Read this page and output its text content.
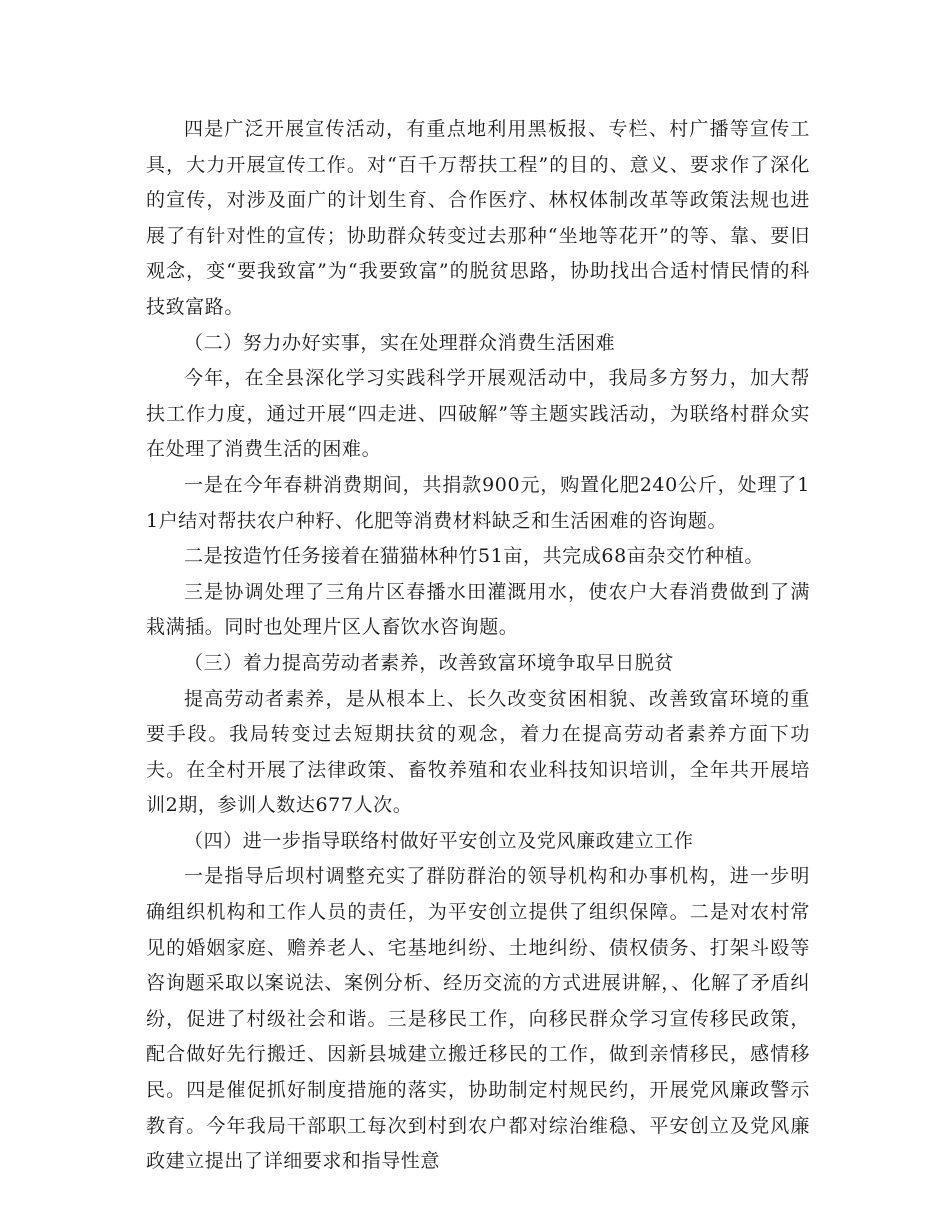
四是广泛开展宣传活动，有重点地利用黑板报、专栏、村广播等宣传工具，大力开展宣传工作。对“百千万帮扶工程”的目的、意义、要求作了深化的宣传，对涉及面广的计划生育、合作医疗、林权体制改革等政策法规也进展了有针对性的宣传；协助群众转变过去那种“坐地等花开”的等、靠、要旧观念，变“要我致富”为“我要致富”的脱贫思路，协助找出合适村情民情的科技致富路。

（二）努力办好实事，实在处理群众消费生活困难

今年，在全县深化学习实践科学开展观活动中，我局多方努力，加大帮扶工作力度，通过开展“四走进、四破解”等主题实践活动，为联络村群众实在处理了消费生活的困难。

一是在今年春耕消费期间，共捐款900元，购置化肥240公斤，处理了11户结对帮扶农户种籽、化肥等消费材料缺乏和生活困难的咨询题。

二是按造竹任务接着在猫猫林种竹51亩，共完成68亩杂交竹种植。

三是协调处理了三角片区春播水田灌溉用水，使农户大春消费做到了满栽满插。同时也处理片区人畜饮水咨询题。

（三）着力提高劳动者素养，改善致富环境争取早日脱贫

提高劳动者素养，是从根本上、长久改变贫困相貌、改善致富环境的重要手段。我局转变过去短期扶贫的观念，着力在提高劳动者素养方面下功夫。在全村开展了法律政策、畜牧养殖和农业科技知识培训，全年共开展培训2期，参训人数达677人次。

（四）进一步指导联络村做好平安创立及党风廉政建立工作

一是指导后坝村调整充实了群防群治的领导机构和办事机构，进一步明确组织机构和工作人员的责任，为平安创立提供了组织保障。二是对农村常见的婚姻家庭、赡养老人、宅基地纠纷、土地纠纷、债权债务、打架斗殴等咨询题采取以案说法、案例分析、经历交流的方式进展讲解，、化解了矛盾纠纷，促进了村级社会和谐。三是移民工作，向移民群众学习宣传移民政策，配合做好先行搬迁、因新县城建立搬迁移民的工作，做到亲情移民，感情移民。四是催促抓好制度措施的落实，协助制定村规民约，开展党风廉政警示教育。今年我局干部职工每次到村到农户都对综治维稳、平安创立及党风廉政建立提出了详细要求和指导性意
